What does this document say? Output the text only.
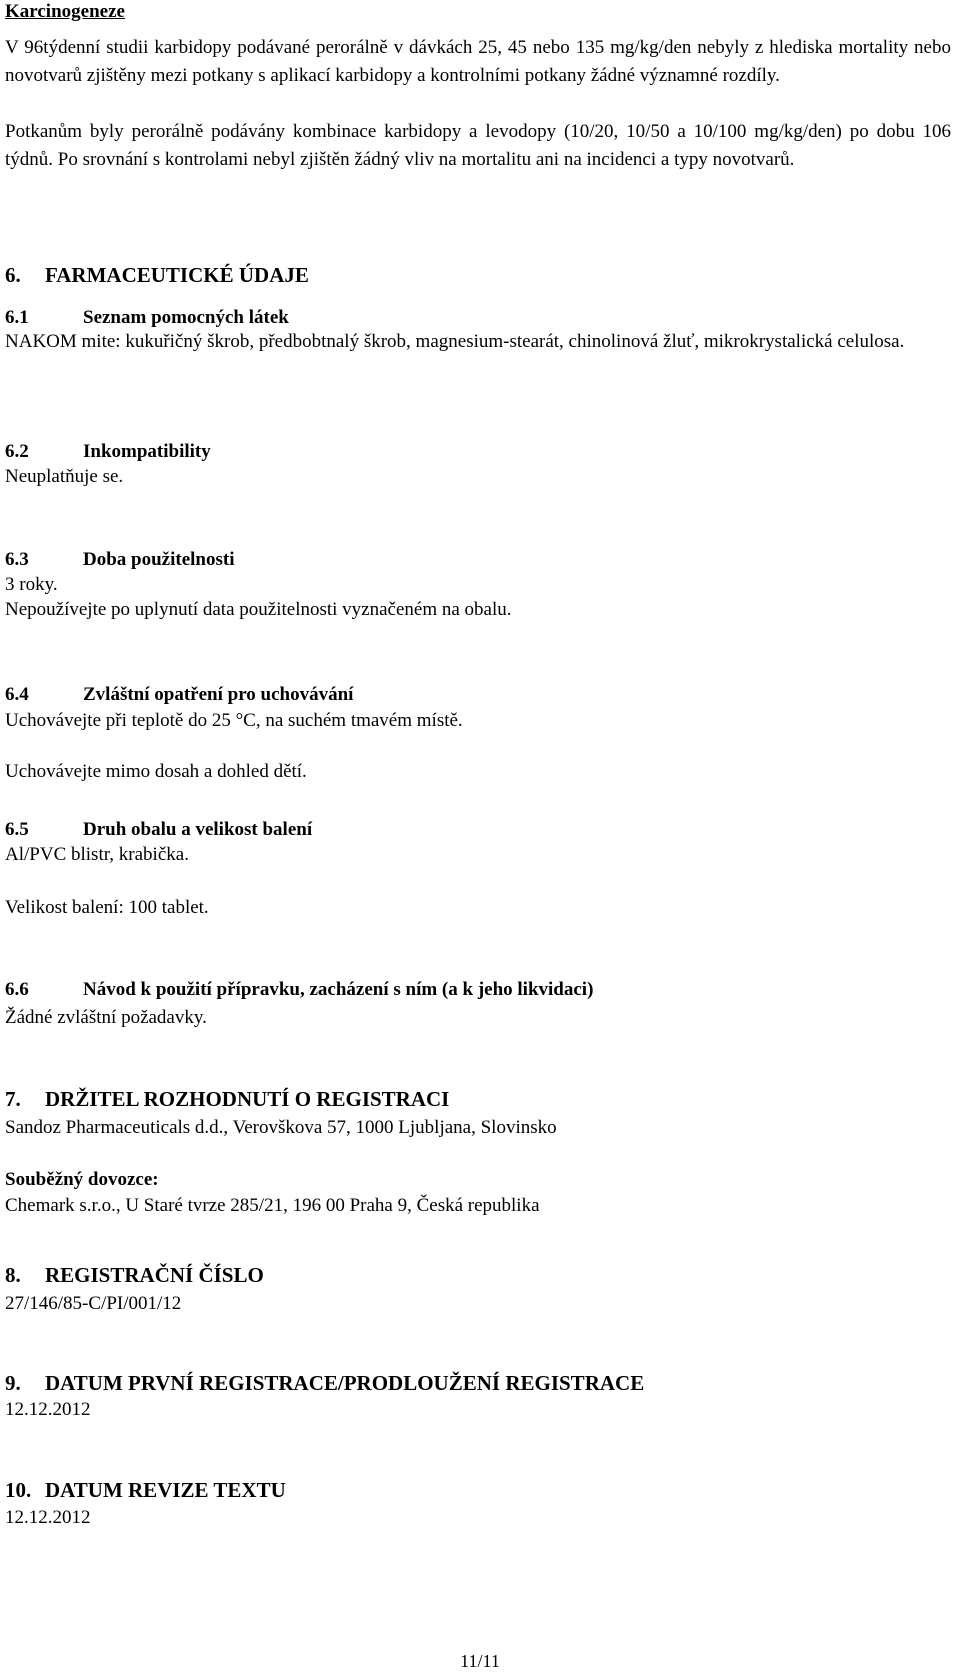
Karcinogeneze

V 96týdenní studii karbidopy podávané perorálně v dávkách 25, 45 nebo 135 mg/kg/den nebyly z hlediska mortality nebo novotvarů zjištěny mezi potkany s aplikací karbidopy a kontrolními potkany žádné významné rozdíly.

Potkanům byly perorálně podávány kombinace karbidopy a levodopy (10/20, 10/50 a 10/100 mg/kg/den) po dobu 106 týdnů. Po srovnání s kontrolami nebyl zjištěn žádný vliv na mortalitu ani na incidenci a typy novotvarů.

6. FARMACEUTICKÉ ÚDAJE

6.1	Seznam pomocných látek

NAKOM mite: kukuřičný škrob, předbobtnalý škrob, magnesium-stearát, chinolinová žluť, mikrokrystalická celulosa.

6.2	Inkompatibility

Neuplatňuje se.

6.3	Doba použitelnosti

3 roky.

Nepoužívejte po uplynutí data použitelnosti vyznačeném na obalu.

6.4	Zvláštní opatření pro uchovávání

Uchovávejte při teplotě do 25 °C, na suchém tmavém místě.

Uchovávejte mimo dosah a dohled dětí.

6.5	Druh obalu a velikost balení

Al/PVC blistr, krabička.

Velikost balení: 100 tablet.

6.6	Návod k použití přípravku, zacházení s ním (a k jeho likvidaci)

Žádné zvláštní požadavky.

7. DRŽITEL ROZHODNUTÍ O REGISTRACI

Sandoz Pharmaceuticals d.d., Verovškova 57, 1000 Ljubljana, Slovinsko

Souběžný dovozce:

Chemark s.r.o., U Staré tvrze 285/21, 196 00 Praha 9, Česká republika

8. REGISTRAČNÍ ČÍSLO

27/146/85-C/PI/001/12

9. DATUM PRVNÍ REGISTRACE/PRODLOUŽENÍ REGISTRACE

12.12.2012

10. DATUM REVIZE TEXTU

12.12.2012

11/11
